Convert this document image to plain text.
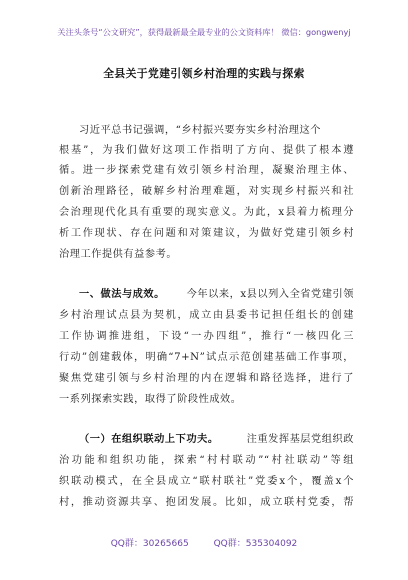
关注头条号“公文研究”，获得最新最全最专业的公文资料库！ 微信：gongwenyj
全县关于党建引领乡村治理的实践与探索
习近平总书记强调，“乡村振兴要夯实乡村治理这个
根基”，为我们做好这项工作指明了方向、提供了根本遵
循。进一步探索党建有效引领乡村治理，凝聚治理主体、
创新治理路径，破解乡村治理难题，对实现乡村振兴和社
会治理现代化具有重要的现实意义。为此，x县着力梳理分
析工作现状、存在问题和对策建议，为做好党建引领乡村
治理工作提供有益参考。
一、做法与成效。 今年以来，x县以列入全省党建引领
乡村治理试点县为契机，成立由县委书记担任组长的创建
工作协调推进组，下设“一办四组”，推行“一核四化三
行动”创建载体，明确“7+N”试点示范创建基础工作事项，
聚焦党建引领与乡村治理的内在逻辑和路径选择，进行了
一系列探索实践，取得了阶段性成效。
（一）在组织联动上下功夫。	注重发挥基层党组织政
治功能和组织功能，探索“村村联动”“村社联动”等组
织联动模式，在全县成立“联村联社”党委x个，覆盖x个
村，推动资源共享、抱团发展。比如，成立联村党委，帮
QQ群：30265665	QQ群：535304092
